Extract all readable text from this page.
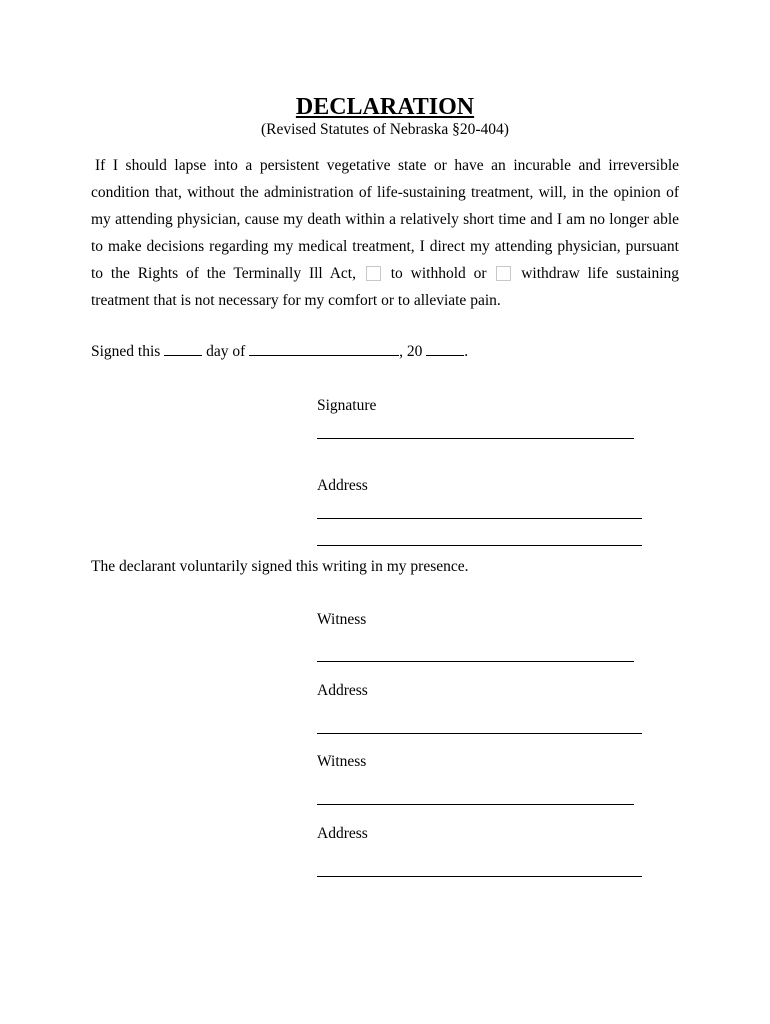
DECLARATION
(Revised Statutes of Nebraska §20-404)
If I should lapse into a persistent vegetative state or have an incurable and irreversible condition that, without the administration of life-sustaining treatment, will, in the opinion of my attending physician, cause my death within a relatively short time and I am no longer able to make decisions regarding my medical treatment, I direct my attending physician, pursuant to the Rights of the Terminally Ill Act, to withhold or withdraw life sustaining treatment that is not necessary for my comfort or to alleviate pain.
Signed this	day of	, 20	.
Signature
Address
The declarant voluntarily signed this writing in my presence.
Witness
Address
Witness
Address
